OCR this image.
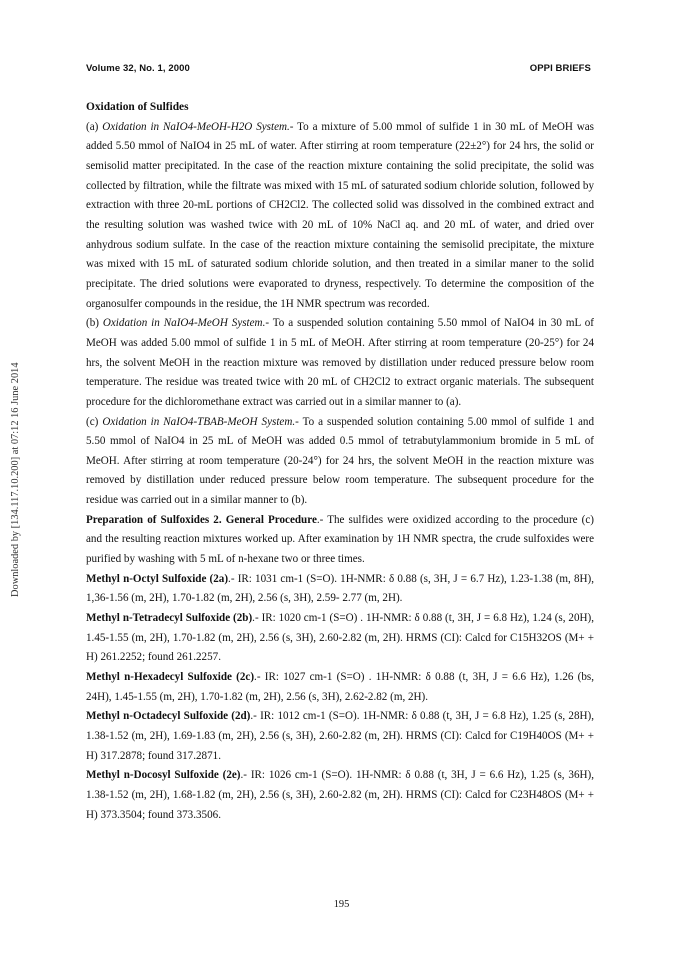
Volume 32, No. 1, 2000	OPPI BRIEFS
Downloaded by [134.117.10.200] at 07:12 16 June 2014

Oxidation of Sulfides

(a) Oxidation in NaIO4-MeOH-H2O System.- To a mixture of 5.00 mmol of sulfide 1 in 30 mL of MeOH was added 5.50 mmol of NaIO4 in 25 mL of water. After stirring at room temperature (22±2°) for 24 hrs, the solid or semisolid matter precipitated. In the case of the reaction mixture containing the solid precipitate, the solid was collected by filtration, while the filtrate was mixed with 15 mL of saturated sodium chloride solution, followed by extraction with three 20-mL portions of CH2Cl2. The collected solid was dissolved in the combined extract and the resulting solution was washed twice with 20 mL of 10% NaCl aq. and 20 mL of water, and dried over anhydrous sodium sulfate. In the case of the reaction mixture containing the semisolid precipitate, the mixture was mixed with 15 mL of saturated sodium chloride solution, and then treated in a similar maner to the solid precipitate. The dried solutions were evaporated to dryness, respectively. To determine the composition of the organosulfer compounds in the residue, the 1H NMR spectrum was recorded.

(b) Oxidation in NaIO4-MeOH System.- To a suspended solution containing 5.50 mmol of NaIO4 in 30 mL of MeOH was added 5.00 mmol of sulfide 1 in 5 mL of MeOH. After stirring at room temperature (20-25°) for 24 hrs, the solvent MeOH in the reaction mixture was removed by distillation under reduced pressure below room temperature. The residue was treated twice with 20 mL of CH2Cl2 to extract organic materials. The subsequent procedure for the dichloromethane extract was carried out in a similar manner to (a).

(c) Oxidation in NaIO4-TBAB-MeOH System.- To a suspended solution containing 5.00 mmol of sulfide 1 and 5.50 mmol of NaIO4 in 25 mL of MeOH was added 0.5 mmol of tetrabutylammonium bromide in 5 mL of MeOH. After stirring at room temperature (20-24°) for 24 hrs, the solvent MeOH in the reaction mixture was removed by distillation under reduced pressure below room temperature. The subsequent procedure for the residue was carried out in a similar manner to (b).

Preparation of Sulfoxides 2. General Procedure.- The sulfides were oxidized according to the procedure (c) and the resulting reaction mixtures worked up. After examination by 1H NMR spectra, the crude sulfoxides were purified by washing with 5 mL of n-hexane two or three times.

Methyl n-Octyl Sulfoxide (2a).- IR: 1031 cm-1 (S=O). 1H-NMR: δ 0.88 (s, 3H, J = 6.7 Hz), 1.23-1.38 (m, 8H), 1,36-1.56 (m, 2H), 1.70-1.82 (m, 2H), 2.56 (s, 3H), 2.59- 2.77 (m, 2H).

Methyl n-Tetradecyl Sulfoxide (2b).- IR: 1020 cm-1 (S=O) . 1H-NMR: δ 0.88 (t, 3H, J = 6.8 Hz), 1.24 (s, 20H), 1.45-1.55 (m, 2H), 1.70-1.82 (m, 2H), 2.56 (s, 3H), 2.60-2.82 (m, 2H). HRMS (CI): Calcd for C15H32OS (M+ + H) 261.2252; found 261.2257.

Methyl n-Hexadecyl Sulfoxide (2c).- IR: 1027 cm-1 (S=O) . 1H-NMR: δ 0.88 (t, 3H, J = 6.6 Hz), 1.26 (bs, 24H), 1.45-1.55 (m, 2H), 1.70-1.82 (m, 2H), 2.56 (s, 3H), 2.62-2.82 (m, 2H).

Methyl n-Octadecyl Sulfoxide (2d).- IR: 1012 cm-1 (S=O). 1H-NMR: δ 0.88 (t, 3H, J = 6.8 Hz), 1.25 (s, 28H), 1.38-1.52 (m, 2H), 1.69-1.83 (m, 2H), 2.56 (s, 3H), 2.60-2.82 (m, 2H). HRMS (CI): Calcd for C19H40OS (M+ + H) 317.2878; found 317.2871.

Methyl n-Docosyl Sulfoxide (2e).- IR: 1026 cm-1 (S=O). 1H-NMR: δ 0.88 (t, 3H, J = 6.6 Hz), 1.25 (s, 36H), 1.38-1.52 (m, 2H), 1.68-1.82 (m, 2H), 2.56 (s, 3H), 2.60-2.82 (m, 2H). HRMS (CI): Calcd for C23H48OS (M+ + H) 373.3504; found 373.3506.

195
